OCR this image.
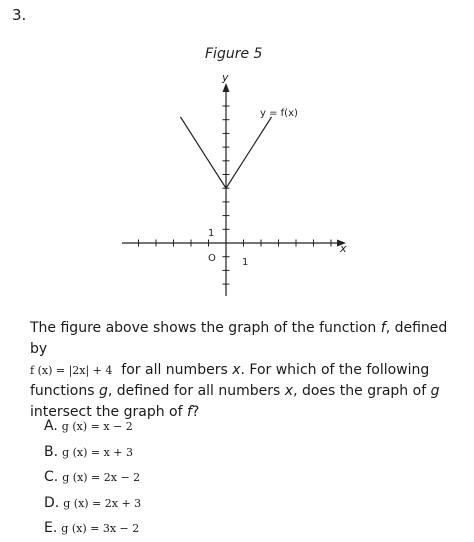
3.
Figure 5
y
x
y = f(x)
1
1
O
The figure above shows the graph of the function f, defined by
f (x) = |2x| + 4 for all numbers x. For which of the following
functions g, defined for all numbers x, does the graph of g
intersect the graph of f?
A. g (x) = x − 2
B. g (x) = x + 3
C. g (x) = 2x − 2
D. g (x) = 2x + 3
E. g (x) = 3x − 2
